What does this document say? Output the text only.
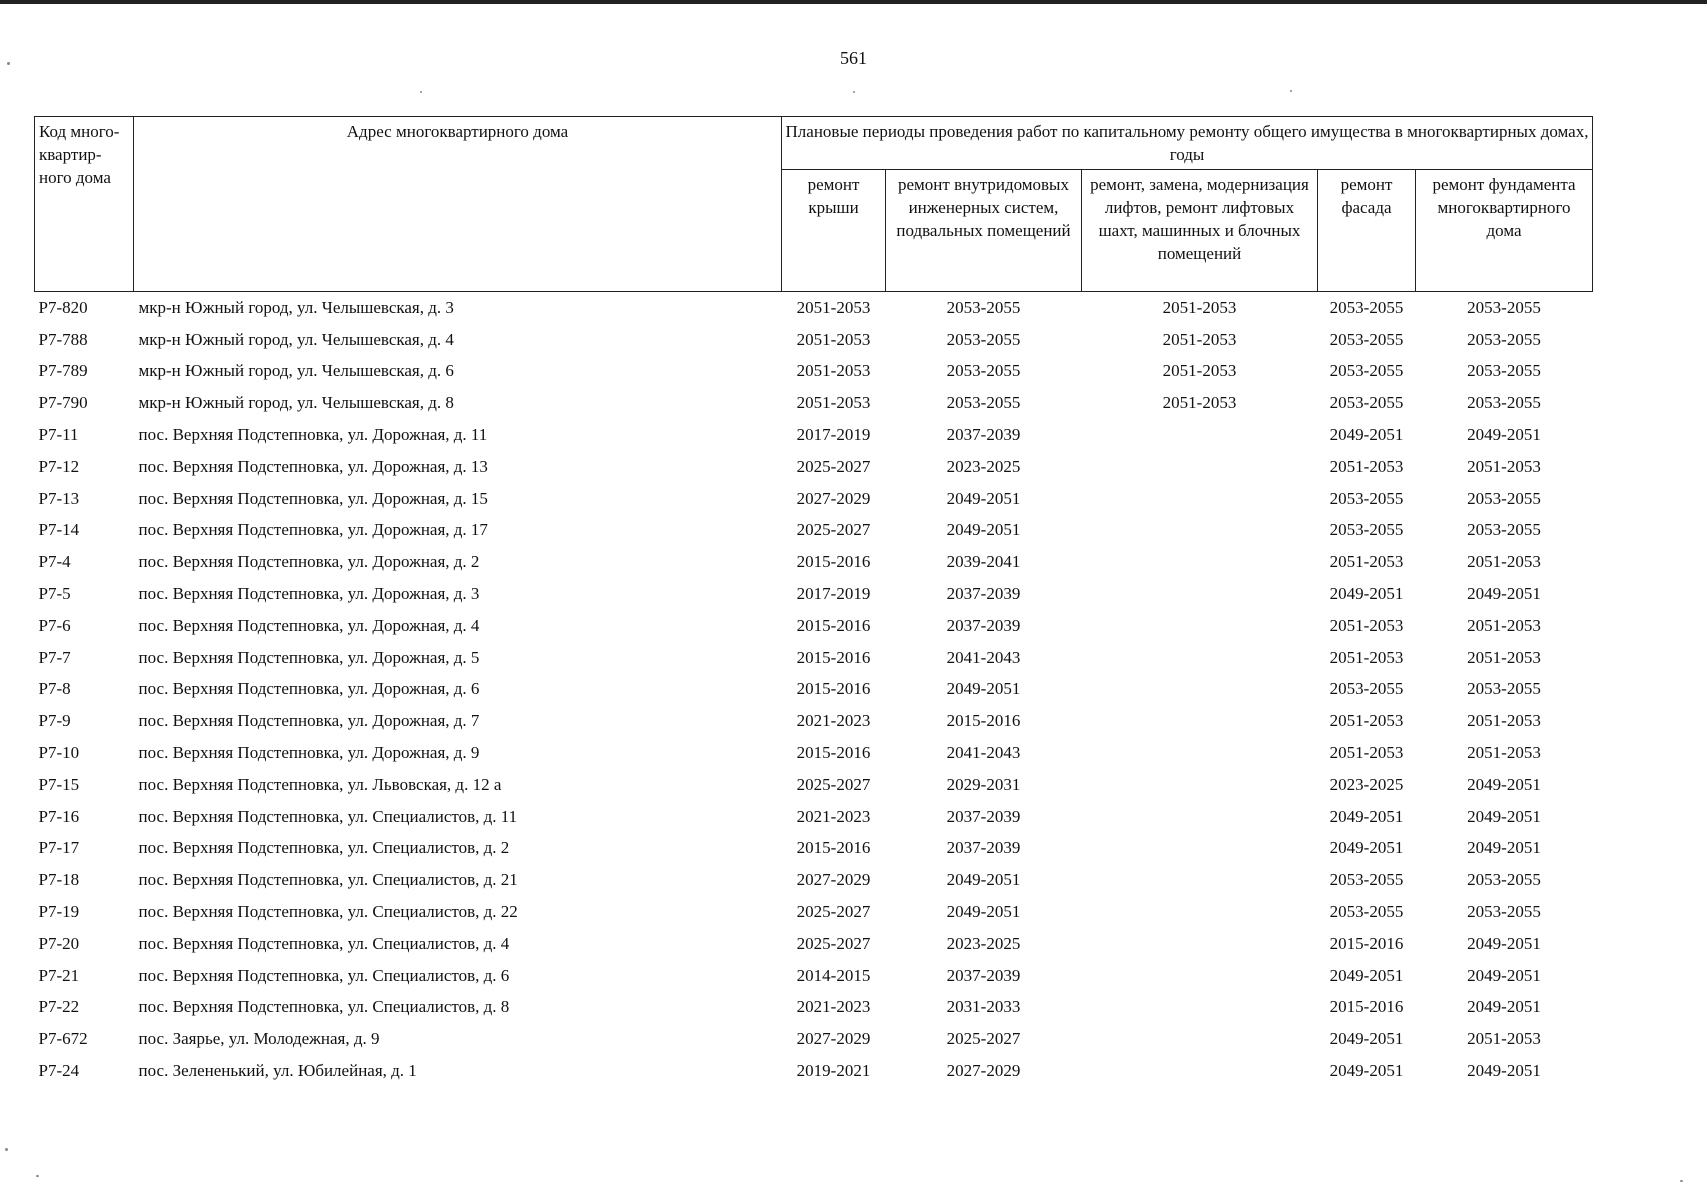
561
Код много-квартир-ного дома	Адрес многоквартирного дома	Плановые периоды проведения работ по капитальному ремонту общего имущества в многоквартирных домах, годы				
		ремонт крыши	ремонт внутридомовых инженерных систем, подвальных помещений	ремонт, замена, модернизация лифтов, ремонт лифтовых шахт, машинных и блочных помещений	ремонт фасада	ремонт фундамента многоквартирного дома
Р7-820	мкр-н Южный город, ул. Челышевская, д. 3	2051-2053	2053-2055	2051-2053	2053-2055	2053-2055
Р7-788	мкр-н Южный город, ул. Челышевская, д. 4	2051-2053	2053-2055	2051-2053	2053-2055	2053-2055
Р7-789	мкр-н Южный город, ул. Челышевская, д. 6	2051-2053	2053-2055	2051-2053	2053-2055	2053-2055
Р7-790	мкр-н Южный город, ул. Челышевская, д. 8	2051-2053	2053-2055	2051-2053	2053-2055	2053-2055
Р7-11	пос. Верхняя Подстепновка, ул. Дорожная, д. 11	2017-2019	2037-2039		2049-2051	2049-2051
Р7-12	пос. Верхняя Подстепновка, ул. Дорожная, д. 13	2025-2027	2023-2025		2051-2053	2051-2053
Р7-13	пос. Верхняя Подстепновка, ул. Дорожная, д. 15	2027-2029	2049-2051		2053-2055	2053-2055
Р7-14	пос. Верхняя Подстепновка, ул. Дорожная, д. 17	2025-2027	2049-2051		2053-2055	2053-2055
Р7-4	пос. Верхняя Подстепновка, ул. Дорожная, д. 2	2015-2016	2039-2041		2051-2053	2051-2053
Р7-5	пос. Верхняя Подстепновка, ул. Дорожная, д. 3	2017-2019	2037-2039		2049-2051	2049-2051
Р7-6	пос. Верхняя Подстепновка, ул. Дорожная, д. 4	2015-2016	2037-2039		2051-2053	2051-2053
Р7-7	пос. Верхняя Подстепновка, ул. Дорожная, д. 5	2015-2016	2041-2043		2051-2053	2051-2053
Р7-8	пос. Верхняя Подстепновка, ул. Дорожная, д. 6	2015-2016	2049-2051		2053-2055	2053-2055
Р7-9	пос. Верхняя Подстепновка, ул. Дорожная, д. 7	2021-2023	2015-2016		2051-2053	2051-2053
Р7-10	пос. Верхняя Подстепновка, ул. Дорожная, д. 9	2015-2016	2041-2043		2051-2053	2051-2053
Р7-15	пос. Верхняя Подстепновка, ул. Львовская, д. 12 а	2025-2027	2029-2031		2023-2025	2049-2051
Р7-16	пос. Верхняя Подстепновка, ул. Специалистов, д. 11	2021-2023	2037-2039		2049-2051	2049-2051
Р7-17	пос. Верхняя Подстепновка, ул. Специалистов, д. 2	2015-2016	2037-2039		2049-2051	2049-2051
Р7-18	пос. Верхняя Подстепновка, ул. Специалистов, д. 21	2027-2029	2049-2051		2053-2055	2053-2055
Р7-19	пос. Верхняя Подстепновка, ул. Специалистов, д. 22	2025-2027	2049-2051		2053-2055	2053-2055
Р7-20	пос. Верхняя Подстепновка, ул. Специалистов, д. 4	2025-2027	2023-2025		2015-2016	2049-2051
Р7-21	пос. Верхняя Подстепновка, ул. Специалистов, д. 6	2014-2015	2037-2039		2049-2051	2049-2051
Р7-22	пос. Верхняя Подстепновка, ул. Специалистов, д. 8	2021-2023	2031-2033		2015-2016	2049-2051
Р7-672	пос. Заярье, ул. Молодежная, д. 9	2027-2029	2025-2027		2049-2051	2051-2053
Р7-24	пос. Зелененький, ул. Юбилейная, д. 1	2019-2021	2027-2029		2049-2051	2049-2051
